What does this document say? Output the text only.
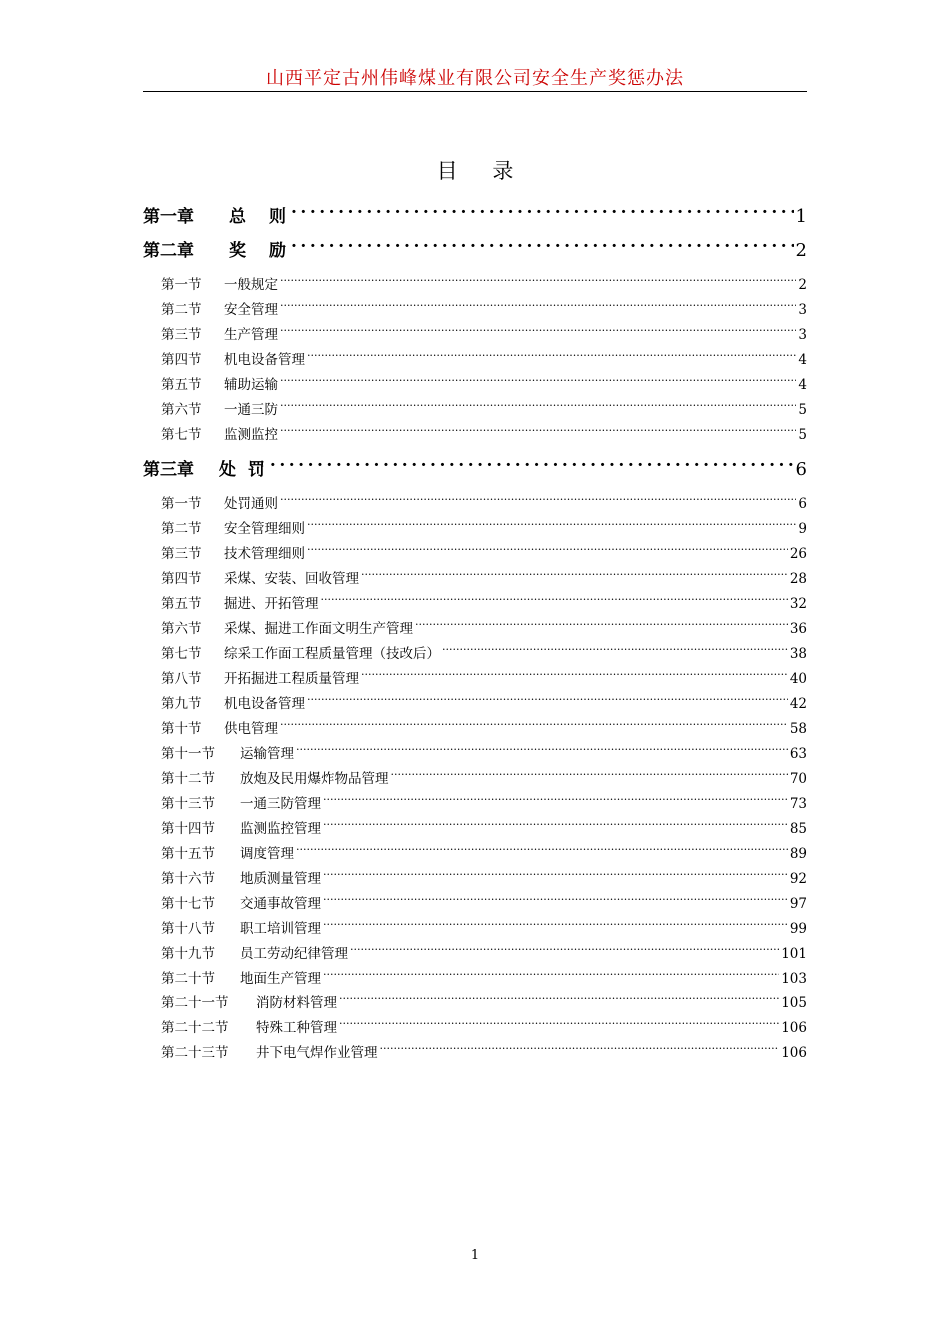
山西平定古州伟峰煤业有限公司安全生产奖惩办法
目 录
第一章	总　则 .....	1
第二章	奖　励 .....	2
第一节	一般规定 .....	2
第二节	安全管理 .....	3
第三节	生产管理 .....	3
第四节	机电设备管理 .....	4
第五节	辅助运输 .....	4
第六节	一通三防 .....	5
第七节	监测监控 .....	5
第三章	处 罚 .....	6
第一节	处罚通则 .....	6
第二节	安全管理细则 .....	9
第三节	技术管理细则 .....	26
第四节	采煤、安装、回收管理 .....	28
第五节	掘进、开拓管理 .....	32
第六节	采煤、掘进工作面文明生产管理 .....	36
第七节	综采工作面工程质量管理（技改后） .....	38
第八节	开拓掘进工程质量管理 .....	40
第九节	机电设备管理 .....	42
第十节	供电管理 .....	58
第十一节	运输管理 .....	63
第十二节	放炮及民用爆炸物品管理 .....	70
第十三节	一通三防管理 .....	73
第十四节	监测监控管理 .....	85
第十五节	调度管理 .....	89
第十六节	地质测量管理 .....	92
第十七节	交通事故管理 .....	97
第十八节	职工培训管理 .....	99
第十九节	员工劳动纪律管理 .....	101
第二十节	地面生产管理 .....	103
第二十一节	消防材料管理 .....	105
第二十二节	特殊工种管理 .....	106
第二十三节	井下电气焊作业管理 .....	106
1
